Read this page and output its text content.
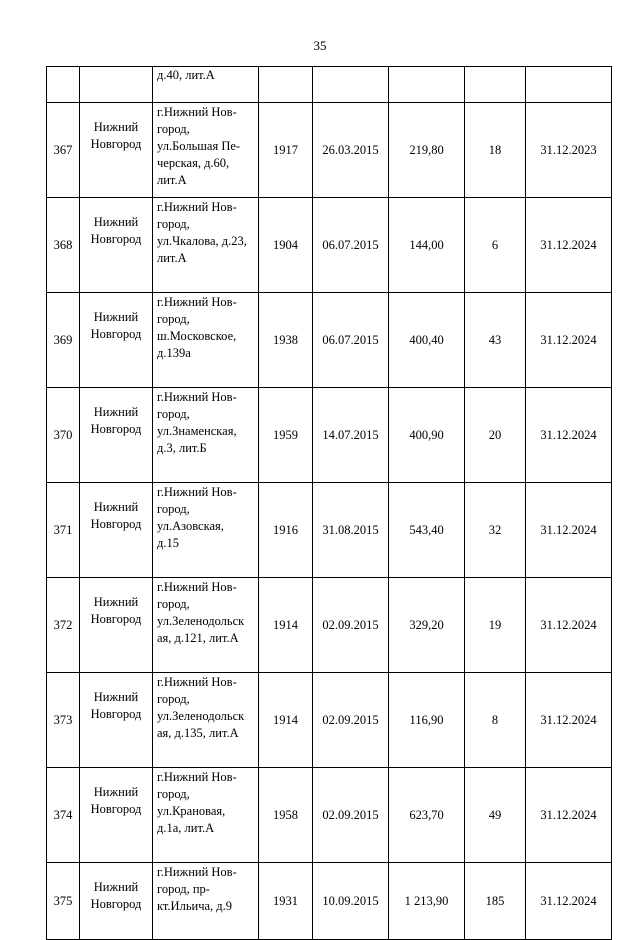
35
		д.40, лит.А					
367	Нижний
Новгород	г.Нижний Нов-
город,
ул.Большая Пе-
черская, д.60,
лит.А	1917	26.03.2015	219,80	18	31.12.2023
368	Нижний
Новгород	г.Нижний Нов-
город,
ул.Чкалова, д.23,
лит.А	1904	06.07.2015	144,00	6	31.12.2024
369	Нижний
Новгород	г.Нижний Нов-
город,
ш.Московское,
д.139а	1938	06.07.2015	400,40	43	31.12.2024
370	Нижний
Новгород	г.Нижний Нов-
город,
ул.Знаменская,
д.3, лит.Б	1959	14.07.2015	400,90	20	31.12.2024
371	Нижний
Новгород	г.Нижний Нов-
город,
ул.Азовская,
д.15	1916	31.08.2015	543,40	32	31.12.2024
372	Нижний
Новгород	г.Нижний Нов-
город,
ул.Зеленодольск
ая, д.121, лит.А	1914	02.09.2015	329,20	19	31.12.2024
373	Нижний
Новгород	г.Нижний Нов-
город,
ул.Зеленодольск
ая, д.135, лит.А	1914	02.09.2015	116,90	8	31.12.2024
374	Нижний
Новгород	г.Нижний Нов-
город,
ул.Крановая,
д.1а, лит.А	1958	02.09.2015	623,70	49	31.12.2024
375	Нижний
Новгород	г.Нижний Нов-
город, пр-
кт.Ильича, д.9	1931	10.09.2015	1 213,90	185	31.12.2024
